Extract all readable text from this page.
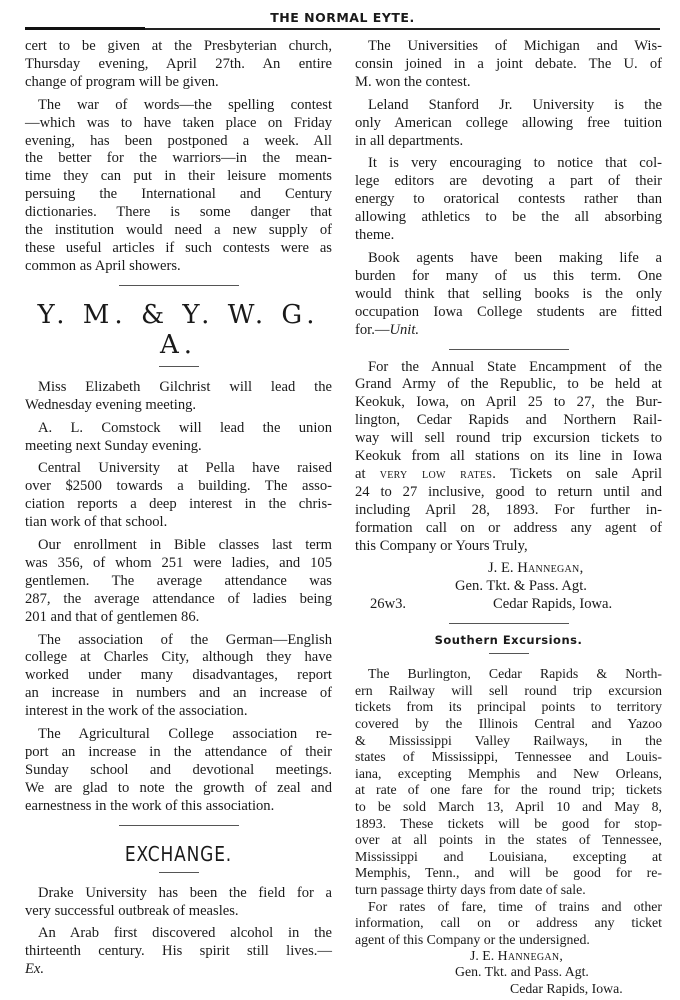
THE NORMAL EYTE.
cert to be given at the Presbyterian church,
Thursday evening, April 27th. An entire
change of program will be given.
The war of words—the spelling contest
—which was to have taken place on Friday
evening, has been postponed a week. All
the better for the warriors—in the mean-
time they can put in their leisure moments
persuing the International and Century
dictionaries. There is some danger that
the institution would need a new supply of
these useful articles if such contests were as
common as April showers.
Y. M. & Y. W. G. A.
Miss Elizabeth Gilchrist will lead the
Wednesday evening meeting.
A. L. Comstock will lead the union
meeting next Sunday evening.
Central University at Pella have raised
over $2500 towards a building. The asso-
ciation reports a deep interest in the chris-
tian work of that school.
Our enrollment in Bible classes last term
was 356, of whom 251 were ladies, and 105
gentlemen. The average attendance was
287, the average attendance of ladies being
201 and that of gentlemen 86.
The association of the German—English
college at Charles City, although they have
worked under many disadvantages, report
an increase in numbers and an increase of
interest in the work of the association.
The Agricultural College association re-
port an increase in the attendance of their
Sunday school and devotional meetings.
We are glad to note the growth of zeal and
earnestness in the work of this association.
EXCHANGE.
Drake University has been the field for a
very successful outbreak of measles.
An Arab first discovered alcohol in the
thirteenth century. His spirit still lives.—
Ex.
The Universities of Michigan and Wis-
consin joined in a joint debate. The U. of
M. won the contest.
Leland Stanford Jr. University is the
only American college allowing free tuition
in all departments.
It is very encouraging to notice that col-
lege editors are devoting a part of their
energy to oratorical contests rather than
allowing athletics to be the all absorbing
theme.
Book agents have been making life a
burden for many of us this term. One
would think that selling books is the only
occupation Iowa College students are fitted
for.—Unit.
For the Annual State Encampment of the
Grand Army of the Republic, to be held at
Keokuk, Iowa, on April 25 to 27, the Bur-
lington, Cedar Rapids and Northern Rail-
way will sell round trip excursion tickets to
Keokuk from all stations on its line in Iowa
at very low rates. Tickets on sale April
24 to 27 inclusive, good to return until and
including April 28, 1893. For further in-
formation call on or address any agent of
this Company or Yours Truly,
J. E. Hannegan,
Gen. Tkt. & Pass. Agt.
26w3.	Cedar Rapids, Iowa.
Southern Excursions.
The Burlington, Cedar Rapids & North-
ern Railway will sell round trip excursion
tickets from its principal points to territory
covered by the Illinois Central and Yazoo
& Mississippi Valley Railways, in the
states of Mississippi, Tennessee and Louis-
iana, excepting Memphis and New Orleans,
at rate of one fare for the round trip; tickets
to be sold March 13, April 10 and May 8,
1893. These tickets will be good for stop-
over at all points in the states of Tennessee,
Mississippi and Louisiana, excepting at
Memphis, Tenn., and will be good for re-
turn passage thirty days from date of sale.
For rates of fare, time of trains and other
information, call on or address any ticket
agent of this Company or the undersigned.
J. E. Hannegan,
Gen. Tkt. and Pass. Agt.
Cedar Rapids, Iowa.
